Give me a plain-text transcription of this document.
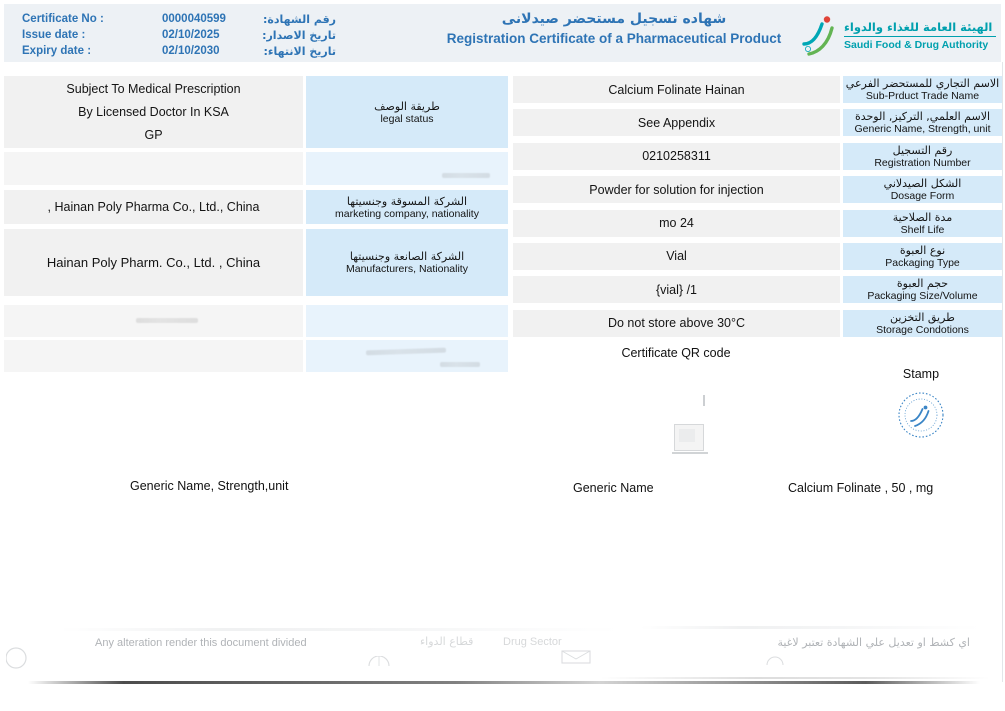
Certificate No :	0000040599	رقم الشهادة:
Issue date :	02/10/2025	تاريخ الاصدار:
Expiry date :	02/10/2030	تاريخ الانتهاء:
شهاده تسجيل مستحضر صيدلانى
Registration Certificate of a Pharmaceutical Product
الهيئة العامة للغذاء والدواء
Saudi Food & Drug Authority
Subject To Medical Prescription
By Licensed Doctor In KSA
GP
طريقة الوصف
legal status
, Hainan Poly Pharma Co., Ltd., China	الشركة المسوقة وجنسيتها
marketing company, nationality
Hainan Poly Pharm. Co., Ltd. , China	الشركة الصانعة وجنسيتها
Manufacturers, Nationality
Calcium Folinate Hainan	الاسم التجاري للمستحضر الفرعي
Sub-Prduct Trade Name
See Appendix	الاسم العلمي, التركيز, الوحدة
Generic Name, Strength, unit
0210258311	رقم التسجيل
Registration Number
Powder for solution for injection	الشكل الصيدلاني
Dosage Form
mo 24	مدة الصلاحية
Shelf Life
Vial	نوع العبوة
Packaging Type
{vial} /1	حجم العبوة
Packaging Size/Volume
Do not store above 30°C	طريق التخزين
Storage Condotions
Certificate QR code
Stamp
Generic Name, Strength,unit	Generic Name	Calcium Folinate , 50 , mg
Any alteration render this document divided	قطاع الدواء	Drug Sector	اي كشط او تعديل علي الشهادة تعتبر لاغية
